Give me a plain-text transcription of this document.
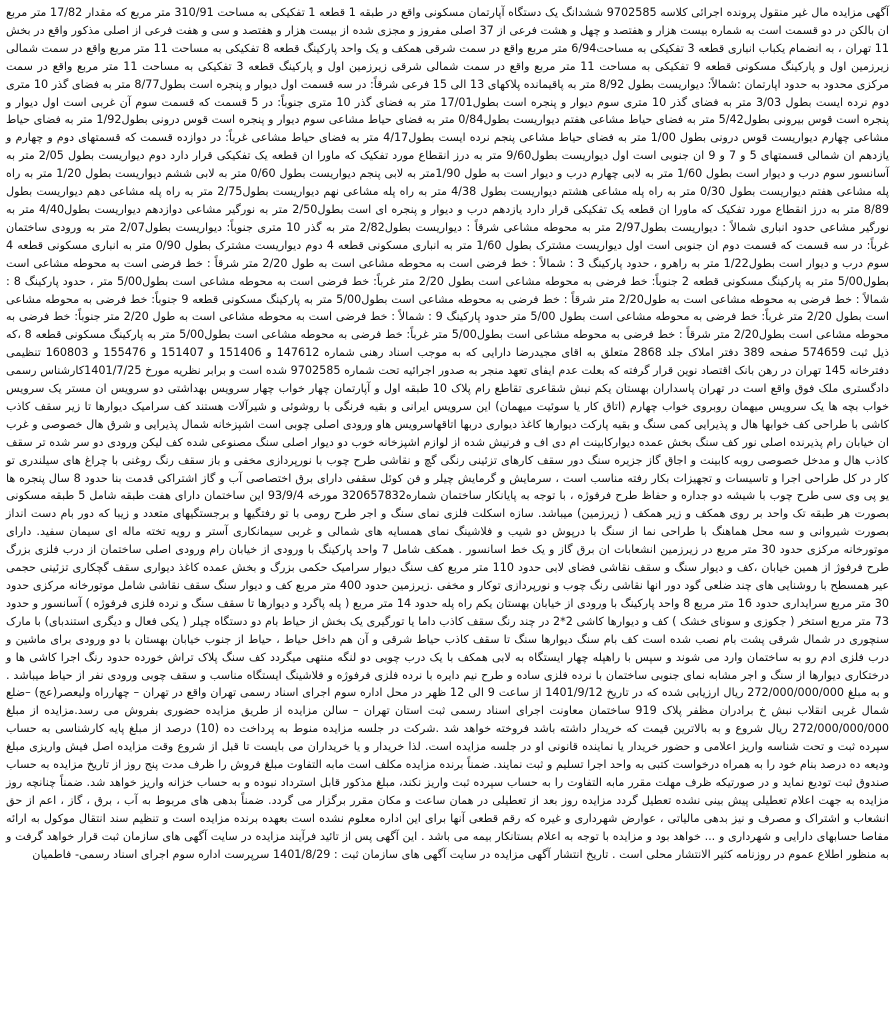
آگهی مزایده مال غیر منقول پرونده اجرائی کلاسه 9702585 ششدانگ یک دستگاه آپارتمان مسکونی واقع در طبقه 1 قطعه 1 تفکیکی به مساحت 310/91 متر مربع که مقدار 17/82 متر مربع ان بالکن در دو قسمت است به شماره بیست هزار و هفتصد و چهل و هشت فرعی از 37 اصلی مفروز و مجزی شده از بیست هزار و هفتصد و سی و هفت فرعی از اصلی مذکور واقع در بخش 11 تهران ، به انضمام یکباب انباری قطعه 3 تفکیکی به مساحت6/94 متر مربع واقع در سمت شرقی همکف و یک واحد پارکینگ قطعه 8 تفکیکی به مساحت 11 متر مربع واقع در سمت شمالی زیرزمین اول و پارکینگ مسکونی قطعه 9 تفکیکی به مساحت 11 متر مربع واقع در سمت شمالی شرقی زیرزمین اول و پارکینگ قطعه 3 تفکیکی به مساحت 11 متر مربع واقع در سمت مرکزی محدود به حدود اپارتمان :شمالاً: دیواریست بطول 8/92 متر به پاقیمانده پلاکهای 13 الی 15 فرعی شرقاً: در سه قسمت اول دیوار و پنجره است بطول8/77 متر به فضای گذر 10 متری دوم نرده ایست بطول 3/03 متر به فضای گذر 10 متری سوم دیوار و پنجره است بطول17/01 متر به فضای گذر 10 متری جنوباً: در 5 قسمت که قسمت سوم آن غربی است اول دیوار و پنجره است قوس بیرونی بطول5/42 متر به فضای حیاط مشاعی هفتم دیواریست بطول0/84 متر به فضای حیاط مشاعی سوم دیوار و پنجره است قوس درونی بطول1/92 متر به فضای حیاط مشاعی چهارم دیواریست قوس درونی بطول 1/00 متر به فضای حیاط مشاعی پنجم نرده ایست بطول4/17 متر به فضای حیاط مشاعی غرباً: در دوازده قسمت که قسمتهای دوم و چهارم و یازدهم ان شمالی قسمتهای 5 و 7 و 9 ان جنوبی است اول دیواریست بطول9/60 متر به درز انقطاع مورد تفکیک که ماورا ان قطعه یک تفکیکی قرار دارد دوم دیواریست بطول 2/05 متر به آسانسور سوم درب و دیوار است بطول 1/60 متر به لابی چهارم درب و دیوار است به طول 1/90متر به لابی پنجم دیواریست بطول 0/60 متر به لابی ششم دیواریست بطول 1/20 متر به راه پله مشاعی هفتم دیواریست بطول 0/30 متر به راه پله مشاعی هشتم دیواریست بطول 4/38 متر به راه پله مشاعی نهم دیواریست بطول2/75 متر به راه پله مشاعی دهم دیواریست بطول 8/89 متر به درز انقطاع مورد تفکیک که ماورا ان قطعه یک تفکیکی قرار دارد یازدهم درب و دیوار و پنجره ای است بطول2/50 متر به نورگیر مشاعی دوازدهم دیواریست بطول4/40 متر به نورگیر مشاعی حدود انباری شمالاً : دیواریست بطول2/97 متر به محوطه مشاعی شرقاً : دیواریست بطول2/82 متر به گذر 10 متری جنوباً: دیواریست بطول2/07 متر به ورودی ساختمان غرباً: در سه قسمت که قسمت دوم ان جنوبی است اول دیواریست مشترک بطول 1/60 متر به انباری مسکونی قطعه 4 دوم دیواریست مشترک بطول 0/90 متر به انباری مسکونی قطعه 4 سوم درب و دیوار است بطول1/22 متر به راهرو ، حدود پارکینگ 3 : شمالاً : خط فرضی است به محوطه مشاعی است به طول 2/20 متر شرقاً : خط فرضی است به محوطه مشاعی است بطول5/00 متر به پارکینگ مسکونی قطعه 2 جنوباً: خط فرضی به محوطه مشاعی است بطول 2/20 متر غرباً: خط فرضی است به محوطه مشاعی است بطول5/00 متر ، حدود پارکینگ 8 : شمالاً : خط فرضی به محوطه مشاعی است به طول2/20 متر شرقاً : خط فرضی به محوطه مشاعی است بطول5/00 متر به پارکینگ مسکونی قطعه 9 جنوباً: خط فرضی به محوطه مشاعی است بطول 2/20 متر غرباً: خط فرضی به محوطه مشاعی است بطول 5/00 متر حدود پارکینگ 9 : شمالاً : خط فرضی است به محوطه مشاعی است به طول 2/20 متر جنوباً: خط فرضی به محوطه مشاعی است بطول2/20 متر شرقاً : خط فرضی به محوطه مشاعی است بطول5/00 متر غرباً: خط فرضی به محوطه مشاعی است بطول5/00 متر به پارکینگ مسکونی قطعه 8 ،که ذیل ثبت 574659 صفحه 389 دفتر املاک جلد 2868 متعلق به اقای مجیدرضا دارایی که به موجب اسناد رهنی شماره 147612 و 151406 و 151407 و 155476 و 160803 تنظیمی دفترخانه 145 تهران در رهن بانک اقتصاد نوین قرار گرفته که بعلت عدم ایفای تعهد منجر به صدور اجرائیه تحت شماره 9702585 شده است و برابر نظریه مورخ 1401/7/25کارشناس رسمی دادگستری ملک فوق واقع است در تهران پاسداران بهستان یکم نبش شقاعری تقاطع رام پلاک 10 طبقه اول و آپارتمان چهار خواب چهار سرویس بهداشتی دو سرویس ان مستر یک سرویس خواب بچه ها یک سرویس میهمان روبروی خواب چهارم (اتاق کار یا سوئیت میهمان) این سرویس ایرانی و بقیه فرنگی با روشوئی و شیرآلات هستند کف سرامیک دیوارها تا زیر سقف کاذب کاشی با طراحی کف خوابها هال و پذیرایی کمی سنگ و بقیه پارکت دیوارها کاغذ دیواری دربها اتاقهاسرویس هاو ورودی اصلی چوبی است اشپزخانه شمال پذیرایی و شرق هال خصوصی و غرب ان خیابان رام پذیرنده اصلی نور کف سنگ بخش عمده دیوارکابینت ام دی اف و فرنیش شده از لوازم اشپزخانه خوب دو دیوار اصلی سنگ مصنوعی شده کف لیکن ورودی دو سر شده تر سقف کاذب هال و مدخل خصوصی روبه کابینت و اجاق گاز جزیره سنگ دور سقف کارهای تزئینی رنگی گچ و نقاشی طرح چوب با نورپردازی مخفی و باز سقف رنگ روغنی با چراغ های سیلندری تو کار در کل طراحی اجرا و تاسیسات و تجهیزات بکار رفته مناسب است ، سرمایش و گرمایش چیلر و فن کوئل سقفی دارای برق اختصاصی آب و گاز اشتراکی قدمت بنا حدود 8 سال پنجره ها یو پی وی سی طرح چوب با شیشه دو جداره و حفاظ طرح فرفوژه ، با توجه به پایانکار ساختمان شماره320657832 مورخه 93/9/4 این ساختمان دارای هفت طبقه شامل 5 طبقه مسکونی بصورت هر طبقه تک واحد بر روی همکف و زیر همکف ( زیرزمین) میباشد. سازه اسکلت فلزی نمای سنگ و اجر طرح رومی با تو رفتگیها و برجستگیهای متعدد و زیبا که دور بام دست انداز بصورت شیروانی و سه محل هماهنگ با طراحی نما از سنگ با درپوش دو شیب و فلاشینگ نمای همسایه های شمالی و غربی سیمانکاری آستر و رویه تخته ماله ای سیمان سفید. دارای موتورخانه مرکزی حدود 30 متر مربع در زیرزمین انشعابات ان برق گاز و یک خط اسانسور . همکف شامل 7 واحد پارکینگ با ورودی از خیابان رام ورودی اصلی ساختمان از درب فلزی بزرگ طرح فرفوژ از همین خیابان ،کف و دیوار سنگ و سقف نقاشی فضای لابی حدود 110 متر مربع کف سنگ دیوار سرامیک حکمی بزرگ و بخش عمده کاغذ دیواری سقف گچکاری تزئینی حجمی عیر همسطح با روشنایی های چند ضلعی گود دور انها نقاشی رنگ چوب و نورپردازی توکار و مخفی .زیرزمین حدود 400 متر مربع کف و دیوار سنگ سقف نقاشی شامل موتورخانه مرکزی حدود 30 متر مربع سرایداری حدود 16 متر مربع 8 واحد پارکینگ با ورودی از خیابان بهستان یکم راه پله حدود 14 متر مربع ( پله پاگرد و دیوارها تا سقف سنگ و نرده فلزی فرفوژه ) آسانسور و حدود 73 متر مربع استخر ( جکوزی و سونای خشک ) کف و دیوارها کاشی 2*2 در چند رنگ سقف کاذب داما یا تورگیری یک بخش از حیاط بام دو دستگاه چیلر ( یکی فعال و دیگری استندبای) با مارک سنچوری در شمال شرقی پشت بام نصب شده است کف بام سنگ دیوارها سنگ تا سقف کاذب حیاط شرقی و آن هم داخل حیاط ، حیاط از جنوب خیابان بهستان با دو ورودی برای ماشین و درب فلزی ادم رو به ساختمان وارد می شوند و سپس با راهپله چهار ایستگاه به لابی همکف با یک درب چوبی دو لنگه منتهی میگردد کف سنگ پلاک تراش خورده حدود رنگ اجرا کاشی ها و درختکاری دیوارها از سنگ و اجر مشابه نمای جنوبی ساختمان با نرده فلزی ساده و طرح نیم دایره با نرده فلزی فرفوژه و فلاشینگ ایستگاه مناسب و سقف چوبی ورودی نفر از حیاط میباشد . و به مبلغ 272/000/000/000 ریال ارزیابی شده که در تاریخ 1401/9/12 از ساعت 9 الی 12 ظهر در محل اداره سوم اجرای اسناد رسمی تهران واقع در تهران – چهارراه ولیعصر(عج) –ضلع شمال غربی انقلاب نبش خ برادران مظفر پلاک 919 ساختمان معاونت اجرای اسناد رسمی ثبت استان تهران – سالن مزایده از طریق مزایده حضوری بفروش می رسد.مزایده از مبلغ 272/000/000/000 ریال شروع و به بالاترین قیمت که خریدار داشته باشد فروخته خواهد شد .شرکت در جلسه مزایده منوط به پرداخت ده (10) درصد از مبلغ پایه کارشناسی به حساب سپرده ثبت و تحت شناسه واریز اعلامی و حضور خریدار یا نماینده قانونی او در جلسه مزایده است. لذا خریدار و یا خریداران می بایست تا قبل از شروع وقت مزایده اصل فیش واریزی مبلغ ودیعه ده درصد بنام خود را به همراه درخواست کتبی به واحد اجرا تسلیم و ثبت نمایند. ضمناً برنده مزایده مکلف است مابه التفاوت مبلغ فروش را ظرف مدت پنج روز از تاریخ مزایده به حساب صندوق ثبت تودیع نماید و در صورتیکه ظرف مهلت مقرر مابه التفاوت را به حساب سپرده ثبت واریز نکند، مبلغ مذکور قابل استرداد نبوده و به حساب خزانه واریز خواهد شد. ضمناً چنانچه روز مزایده به جهت اعلام تعطیلی پیش بینی نشده تعطیل گردد مزایده روز بعد از تعطیلی در همان ساعت و مکان مقرر برگزار می گردد. ضمناً بدهی های مربوط به آب ، برق ، گاز ، اعم از حق انشعاب و اشتراک و مصرف و نیز بدهی مالیاتی ، عوارض شهرداری و غیره که رقم قطعی آنها برای این اداره معلوم نشده است بعهده برنده مزایده است و تنظیم سند انتقال موکول به ارائه مفاصا حسابهای دارایی و شهرداری و ... خواهد بود و مزایده با توجه به اعلام بستانکار بیمه می باشد . این آگهی پس از تائید فرآیند مزایده در سایت آگهی های سازمان ثبت قرار خواهد گرفت و به منظور اطلاع عموم در روزنامه کثیر الانتشار محلی است . تاریخ انتشار آگهی مزایده در سایت آگهی های سازمان ثبت : 1401/8/29 سرپرست اداره سوم اجرای اسناد رسمی- فاطمیان
